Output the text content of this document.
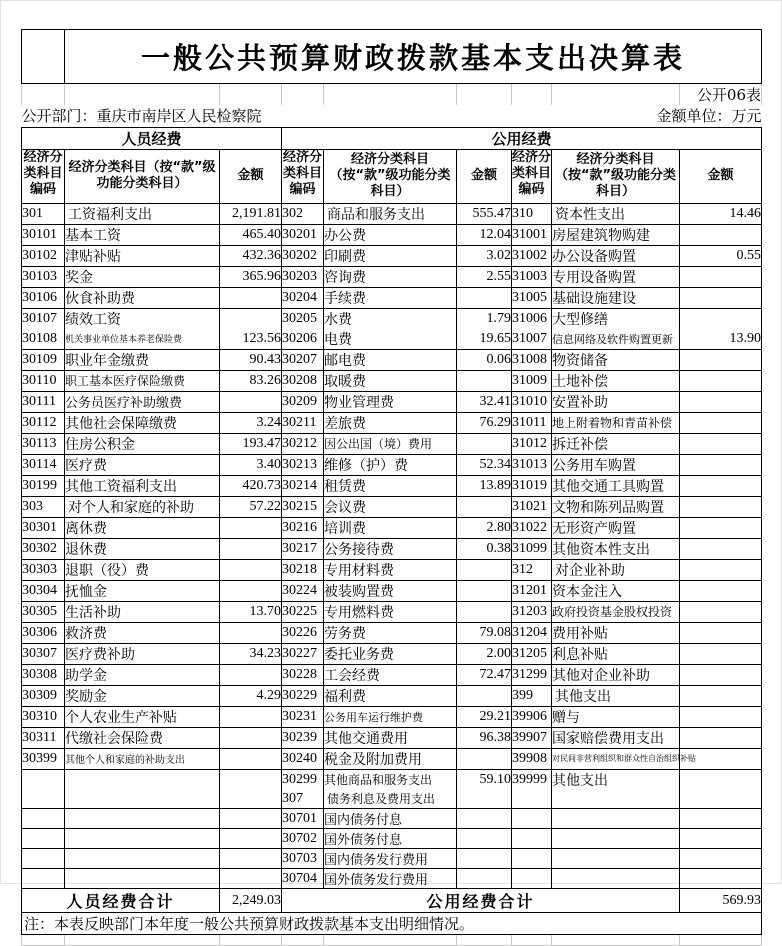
	一般公共预算财政拨款基本支出决算表							
								公开06表
公开部门：重庆市南岸区人民检察院					金额单位：万元			
人员经费			公用经费					
经济分类科目编码	经济分类科目（按“款”级功能分类科目）	金额	经济分类科目编码	经济分类科目（按“款”级功能分类科目）	金额	经济分类科目编码	经济分类科目（按“款”级功能分类科目）	金额
301	工资福利支出	2,191.81	302	商品和服务支出	555.47	310	资本性支出	14.46
30101	基本工资	465.40	30201	办公费	12.04	31001	房屋建筑物购建	
30102	津贴补贴	432.36	30202	印刷费	3.02	31002	办公设备购置	0.55
30103	奖金	365.96	30203	咨询费	2.55	31003	专用设备购置	
30106	伙食补助费		30204	手续费		31005	基础设施建设	
30107	绩效工资		30205	水费	1.79	31006	大型修缮	
30108	机关事业单位基本养老保险费	123.56	30206	电费	19.65	31007	信息网络及软件购置更新	13.90
30109	职业年金缴费	90.43	30207	邮电费	0.06	31008	物资储备	
30110	职工基本医疗保险缴费	83.26	30208	取暖费		31009	土地补偿	
30111	公务员医疗补助缴费		30209	物业管理费	32.41	31010	安置补助	
30112	其他社会保障缴费	3.24	30211	差旅费	76.29	31011	地上附着物和青苗补偿	
30113	住房公积金	193.47	30212	因公出国（境）费用		31012	拆迁补偿	
30114	医疗费	3.40	30213	维修（护）费	52.34	31013	公务用车购置	
30199	其他工资福利支出	420.73	30214	租赁费	13.89	31019	其他交通工具购置	
303	对个人和家庭的补助	57.22	30215	会议费		31021	文物和陈列品购置	
30301	离休费		30216	培训费	2.80	31022	无形资产购置	
30302	退休费		30217	公务接待费	0.38	31099	其他资本性支出	
30303	退职（役）费		30218	专用材料费		312	对企业补助	
30304	抚恤金		30224	被装购置费		31201	资本金注入	
30305	生活补助	13.70	30225	专用燃料费		31203	政府投资基金股权投资	
30306	救济费		30226	劳务费	79.08	31204	费用补贴	
30307	医疗费补助	34.23	30227	委托业务费	2.00	31205	利息补贴	
30308	助学金		30228	工会经费	72.47	31299	其他对企业补助	
30309	奖励金	4.29	30229	福利费		399	其他支出	
30310	个人农业生产补贴		30231	公务用车运行维护费	29.21	39906	赠与	
30311	代缴社会保险费		30239	其他交通费用	96.38	39907	国家赔偿费用支出	
30399	其他个人和家庭的补助支出		30240	税金及附加费用		39908	对民间非营利组织和群众性自治组织补贴	
			30299	其他商品和服务支出	59.10	39999	其他支出	
			307	债务利息及费用支出				
			30701	国内债务付息				
			30702	国外债务付息				
			30703	国内债务发行费用				
			30704	国外债务发行费用				
人员经费合计		2,249.03	公用经费合计					569.93
注：本表反映部门本年度一般公共预算财政拨款基本支出明细情况。								
